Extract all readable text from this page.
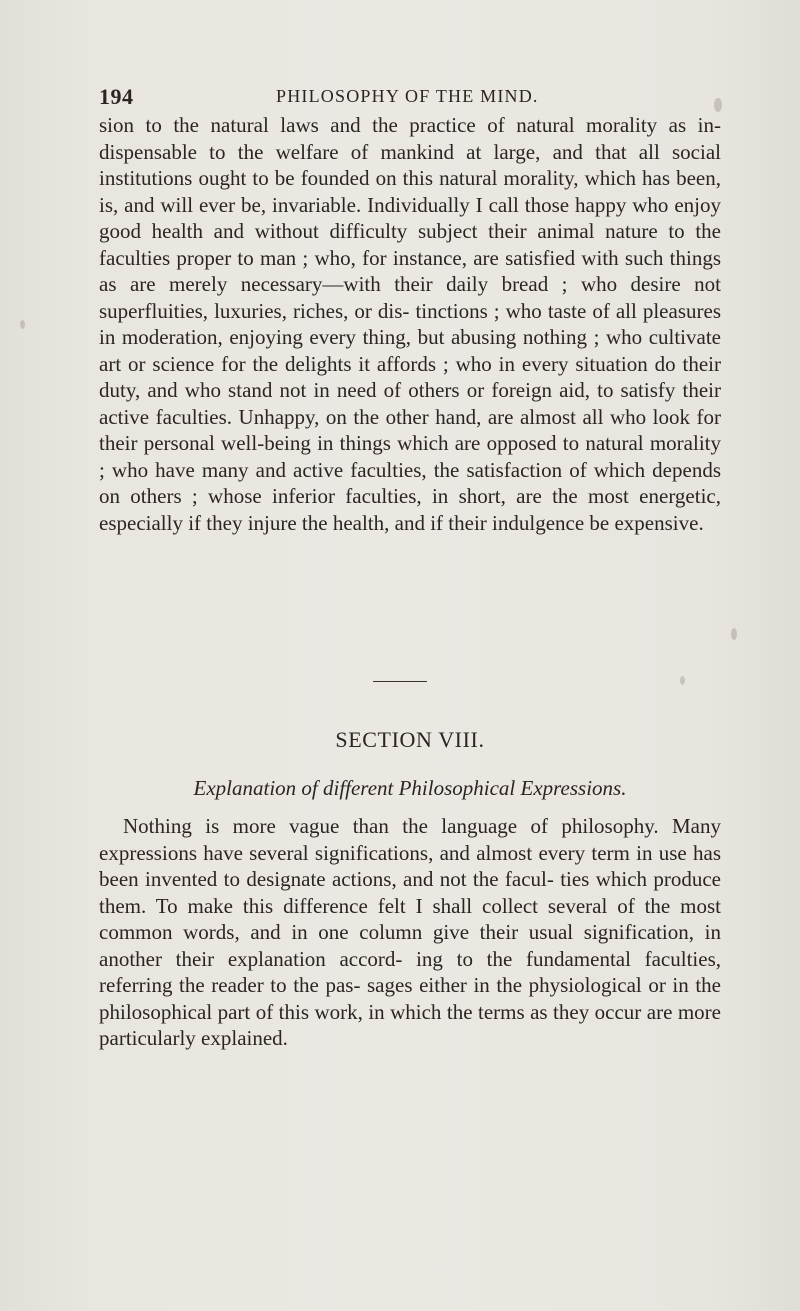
194	PHILOSOPHY OF THE MIND.

sion to the natural laws and the practice of natural morality as in- dispensable to the welfare of mankind at large, and that all social institutions ought to be founded on this natural morality, which has been, is, and will ever be, invariable. Individually I call those happy who enjoy good health and without difficulty subject their animal nature to the faculties proper to man ; who, for instance, are satisfied with such things as are merely necessary—with their daily bread ; who desire not superfluities, luxuries, riches, or dis- tinctions ; who taste of all pleasures in moderation, enjoying every thing, but abusing nothing ; who cultivate art or science for the delights it affords ; who in every situation do their duty, and who stand not in need of others or foreign aid, to satisfy their active faculties. Unhappy, on the other hand, are almost all who look for their personal well-being in things which are opposed to natural morality ; who have many and active faculties, the satisfaction of which depends on others ; whose inferior faculties, in short, are the most energetic, especially if they injure the health, and if their indulgence be expensive.

SECTION VIII.
Explanation of different Philosophical Expressions.

Nothing is more vague than the language of philosophy. Many expressions have several significations, and almost every term in use has been invented to designate actions, and not the facul- ties which produce them. To make this difference felt I shall collect several of the most common words, and in one column give their usual signification, in another their explanation accord- ing to the fundamental faculties, referring the reader to the pas- sages either in the physiological or in the philosophical part of this work, in which the terms as they occur are more particularly explained.
